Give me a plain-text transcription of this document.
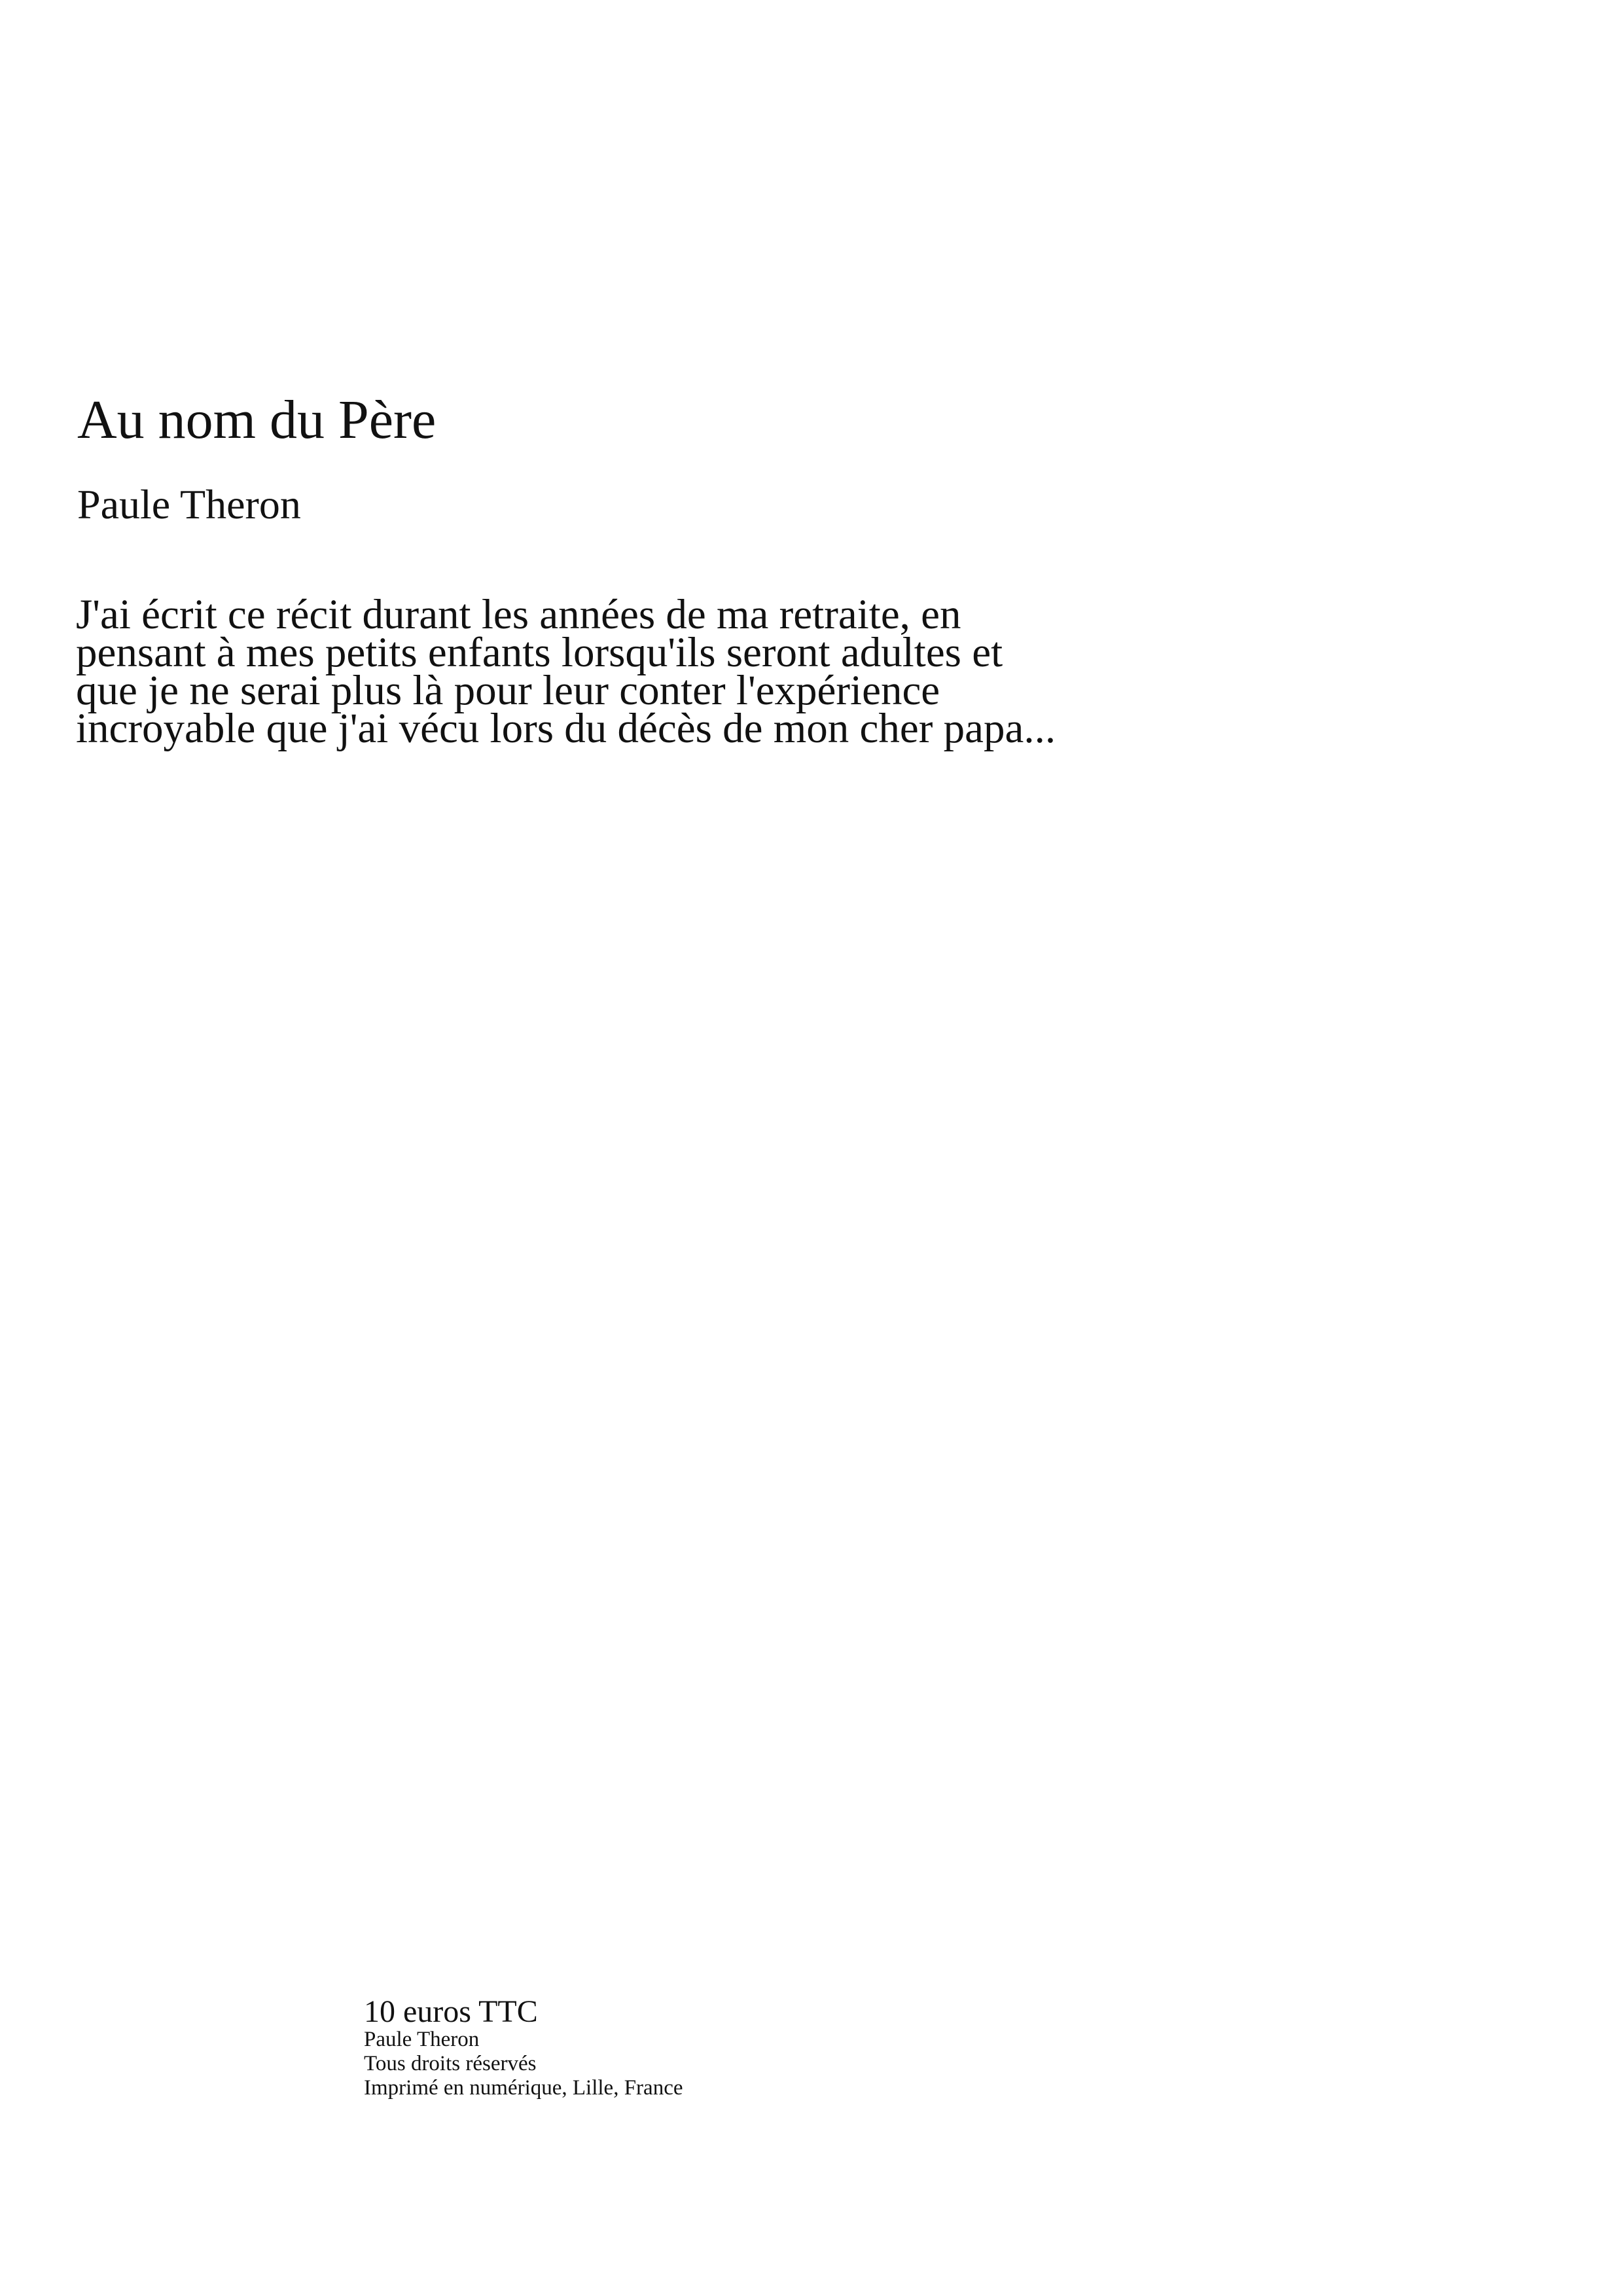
Au nom du Père
Paule Theron

J'ai écrit ce récit durant les années de ma retraite, en
pensant à mes petits enfants lorsqu'ils seront adultes et
que je ne serai plus là pour leur conter l'expérience
incroyable que j'ai vécu lors du décès de mon cher papa...

10 euros TTC
Paule Theron
Tous droits réservés
Imprimé en numérique, Lille, France
